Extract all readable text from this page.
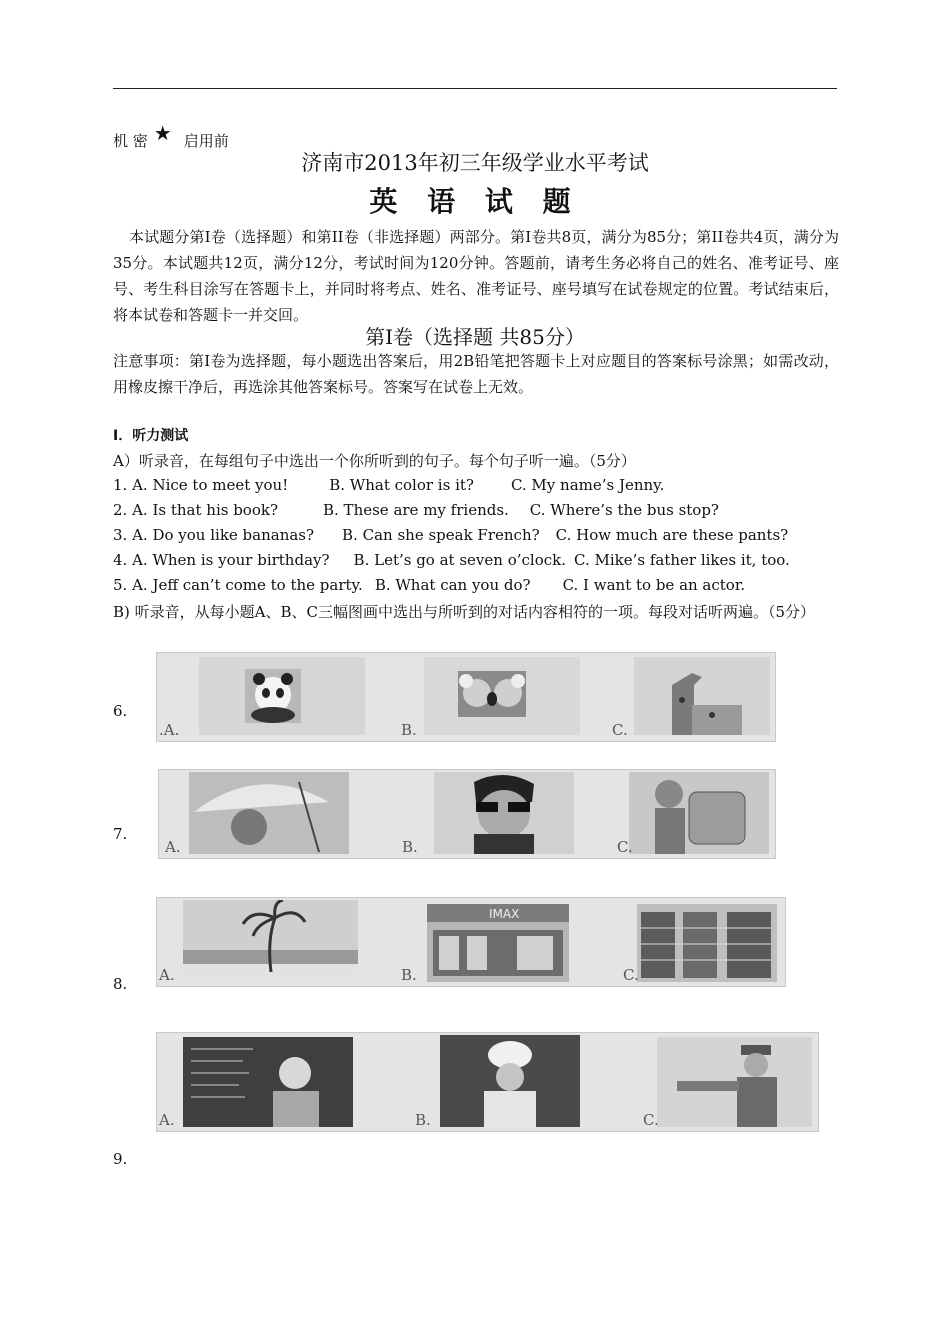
机 密 ★ 启用前
济南市2013年初三年级学业水平考试
英 语 试 题
本试题分第I卷（选择题）和第II卷（非选择题）两部分。第I卷共8页，满分为85分；第II卷共4页，满分为35分。本试题共12页，满分12分，考试时间为120分钟。答题前，请考生务必将自己的姓名、准考证号、座号、考生科目涂写在答题卡上，并同时将考点、姓名、准考证号、座号填写在试卷规定的位置。考试结束后，将本试卷和答题卡一并交回。
第I卷（选择题 共85分）
注意事项：第I卷为选择题，每小题选出答案后，用2B铅笔把答题卡上对应题目的答案标号涂黑；如需改动，用橡皮擦干净后，再选涂其他答案标号。答案写在试卷上无效。
I．听力测试
A）听录音，在每组句子中选出一个你所听到的句子。每个句子听一遍。（5分）
1. A. Nice to meet you!	B. What color is it? C. My name’s Jenny.
2. A. Is that his book?	B. These are my friends. C. Where’s the bus stop?
3. A. Do you like bananas? B. Can she speak French? C. How much are these pants?
4. A. When is your birthday? B. Let’s go at seven o’clock. C. Mike’s father likes it, too.
5. A. Jeff can’t come to the party. B. What can you do? C. I want to be an actor.
B) 听录音，从每小题A、B、C三幅图画中选出与所听到的对话内容相符的一项。每段对话听两遍。（5分）
6.
.A.	B.	C.
7.
A.	B.	C.
8.
IMAX
A.	B.	C.
9.
A.	B.	C.
